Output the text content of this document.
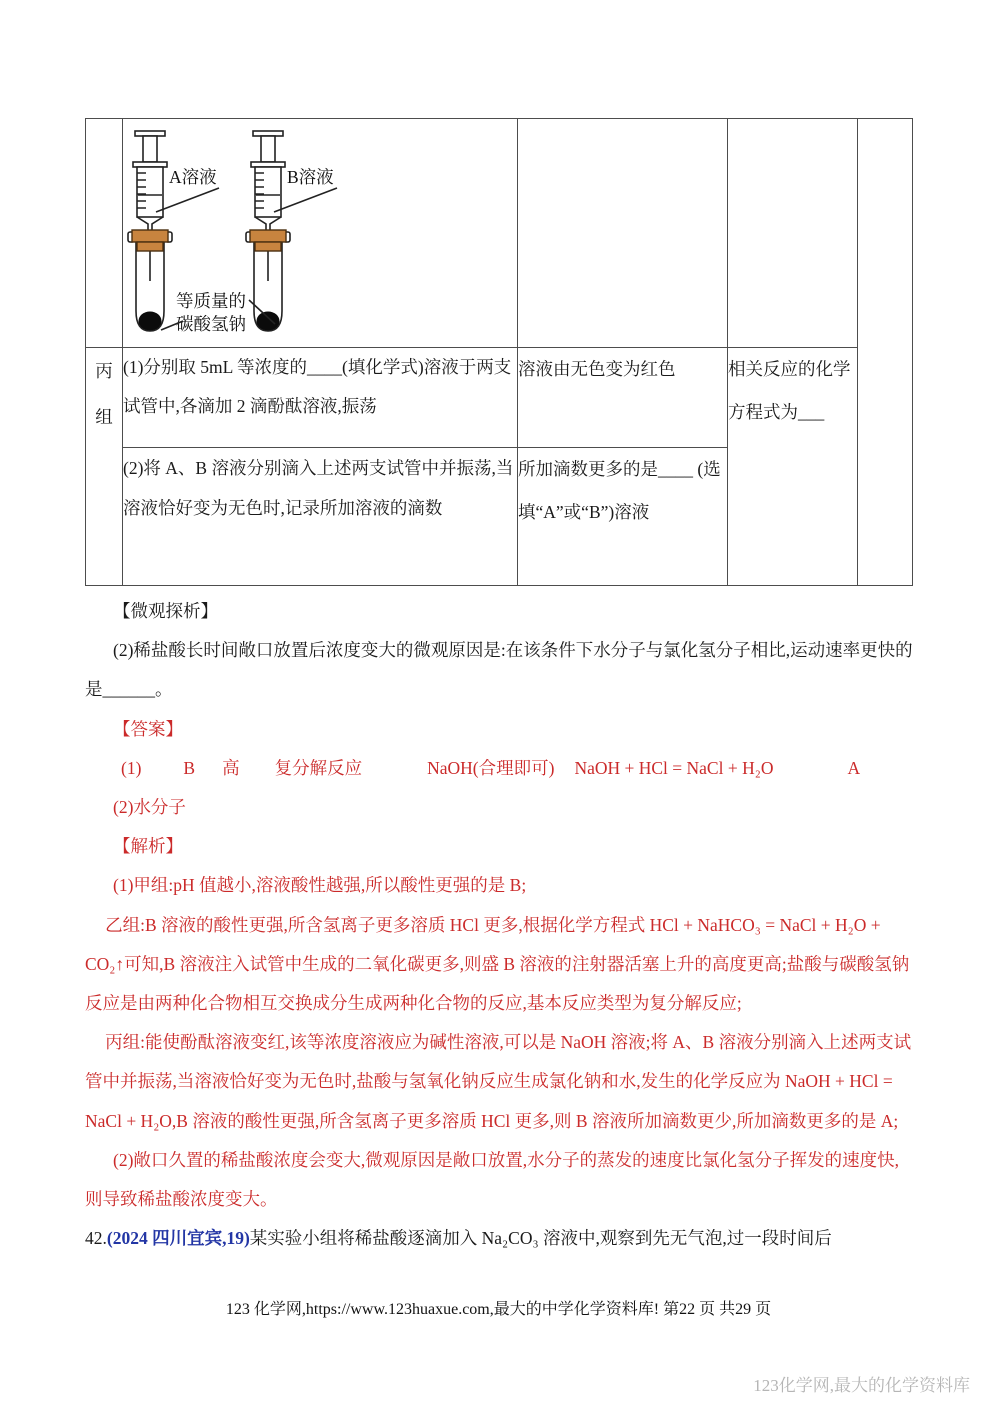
A溶液 B溶液
等质量的
碳酸氢钠			

丙组	(1)分别取 5mL 等浓度的____(填化学式)溶液于两支试管中,各滴加 2 滴酚酞溶液,振荡	溶液由无色变为红色	相关反应的化学方程式为___	
	(2)将 A、B 溶液分别滴入上述两支试管中并振荡,当溶液恰好变为无色时,记录所加溶液的滴数	所加滴数更多的是____ (选填“A”或“B”)溶液		

【微观探析】

(2)稀盐酸长时间敞口放置后浓度变大的微观原因是:在该条件下水分子与氯化氢分子相比,运动速率更快的是______。

【答案】

(1) B 高 复分解反应	NaOH(合理即可) NaOH + HCl = NaCl + H₂O	A

(2)水分子

【解析】

(1)甲组:pH 值越小,溶液酸性越强,所以酸性更强的是 B;

乙组:B 溶液的酸性更强,所含氢离子更多溶质 HCl 更多,根据化学方程式 HCl + NaHCO₃ = NaCl + H₂O + CO₂↑可知,B 溶液注入试管中生成的二氧化碳更多,则盛 B 溶液的注射器活塞上升的高度更高;盐酸与碳酸氢钠反应是由两种化合物相互交换成分生成两种化合物的反应,基本反应类型为复分解反应;

丙组:能使酚酞溶液变红,该等浓度溶液应为碱性溶液,可以是 NaOH 溶液;将 A、B 溶液分别滴入上述两支试管中并振荡,当溶液恰好变为无色时,盐酸与氢氧化钠反应生成氯化钠和水,发生的化学反应为 NaOH + HCl = NaCl + H₂O,B 溶液的酸性更强,所含氢离子更多溶质 HCl 更多,则 B 溶液所加滴数更少,所加滴数更多的是 A;

(2)敞口久置的稀盐酸浓度会变大,微观原因是敞口放置,水分子的蒸发的速度比氯化氢分子挥发的速度快,则导致稀盐酸浓度变大。

42.(2024 四川宜宾,19)某实验小组将稀盐酸逐滴加入 Na₂CO₃ 溶液中,观察到先无气泡,过一段时间后

123 化学网,https://www.123huaxue.com,最大的中学化学资料库! 第22 页 共29 页
123化学网,最大的化学资料库
